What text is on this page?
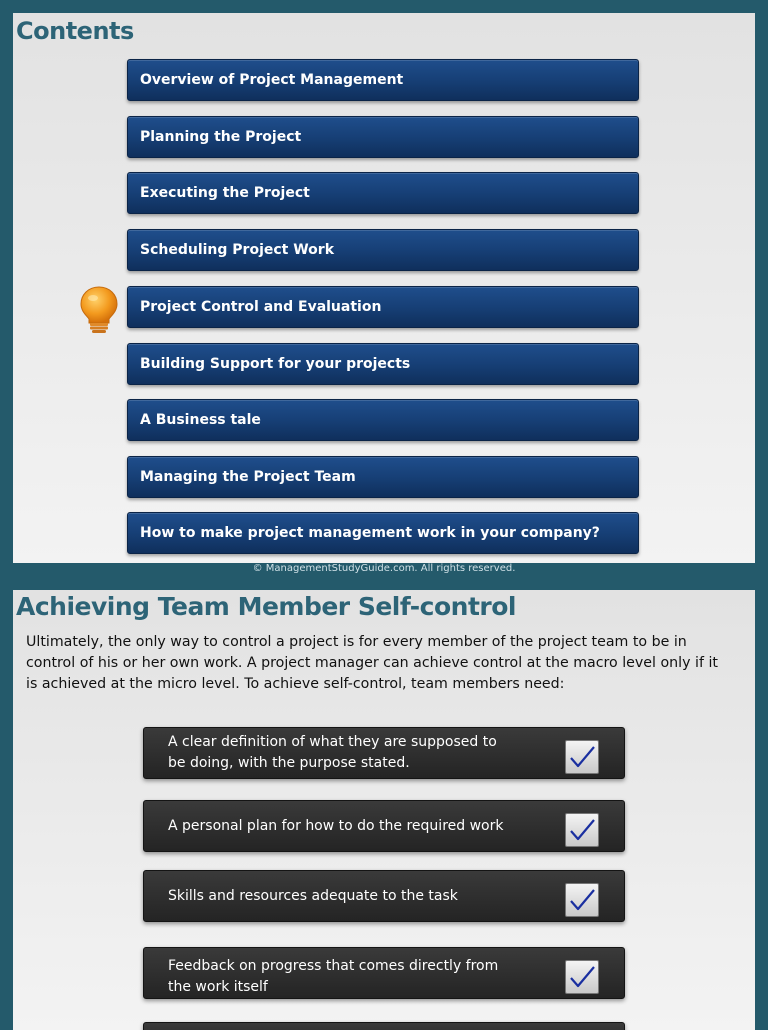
Contents
Overview of Project Management
Planning the Project
Executing the Project
Scheduling Project Work
Project Control and Evaluation
Building Support for your projects
A Business tale
Managing the Project Team
How to make project management work in your company?
© ManagementStudyGuide.com. All rights reserved.
Achieving Team Member Self-control

Ultimately, the only way to control a project is for every member of the project team to be in control of his or her own work. A project manager can achieve control at the macro level only if it is achieved at the micro level. To achieve self-control, team members need:

A clear definition of what they are supposed to be doing, with the purpose stated.
A personal plan for how to do the required work
Skills and resources adequate to the task
Feedback on progress that comes directly from the work itself
